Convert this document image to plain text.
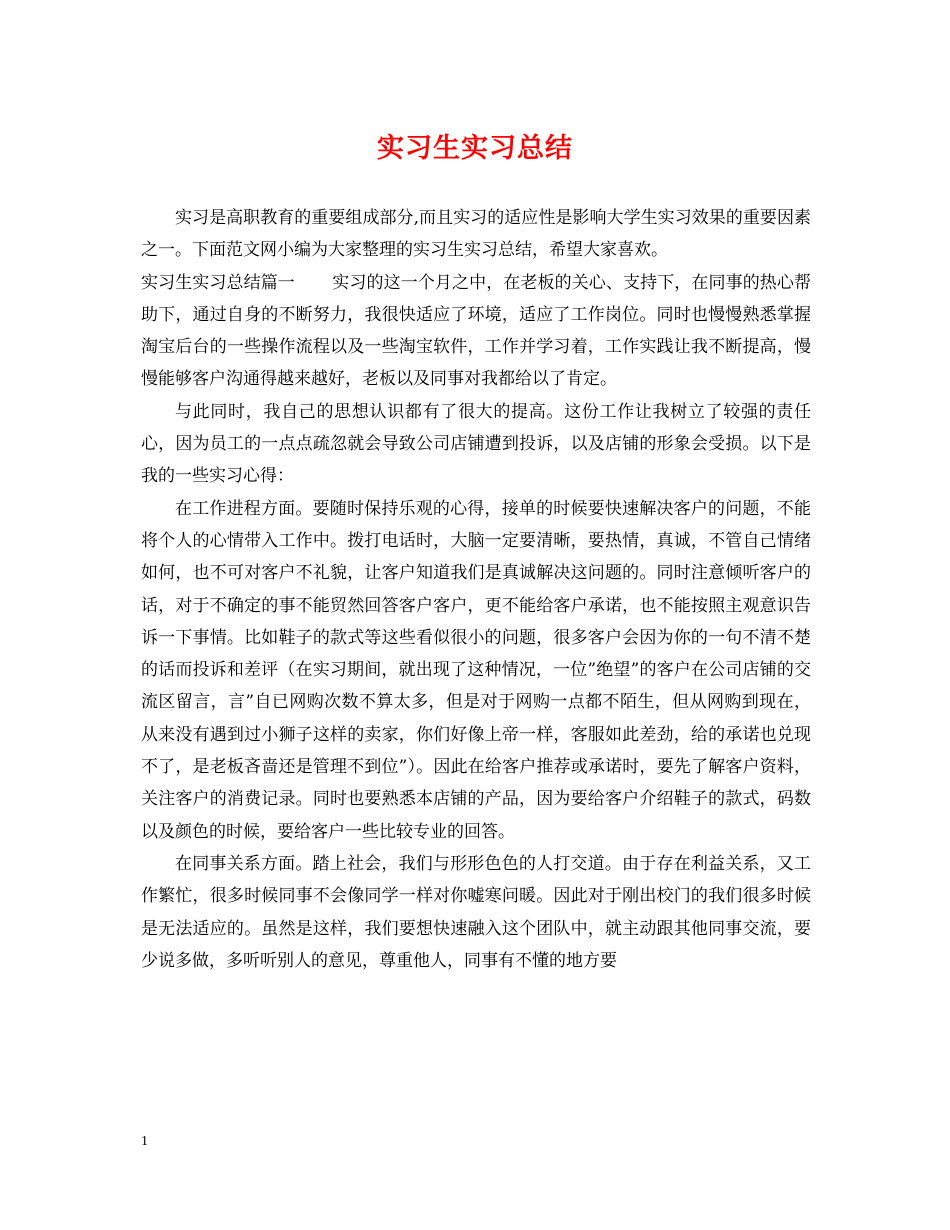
实习生实习总结

实习是高职教育的重要组成部分,而且实习的适应性是影响大学生实习效果的重要因素之一。下面范文网小编为大家整理的实习生实习总结，希望大家喜欢。

实习生实习总结篇一 实习的这一个月之中，在老板的关心、支持下，在同事的热心帮助下，通过自身的不断努力，我很快适应了环境，适应了工作岗位。同时也慢慢熟悉掌握淘宝后台的一些操作流程以及一些淘宝软件，工作并学习着，工作实践让我不断提高，慢慢能够客户沟通得越来越好，老板以及同事对我都给以了肯定。

与此同时，我自己的思想认识都有了很大的提高。这份工作让我树立了较强的责任心，因为员工的一点点疏忽就会导致公司店铺遭到投诉，以及店铺的形象会受损。以下是我的一些实习心得：

在工作进程方面。要随时保持乐观的心得，接单的时候要快速解决客户的问题，不能将个人的心情带入工作中。拨打电话时，大脑一定要清晰，要热情，真诚，不管自己情绪如何，也不可对客户不礼貌，让客户知道我们是真诚解决这问题的。同时注意倾听客户的话，对于不确定的事不能贸然回答客户客户，更不能给客户承诺，也不能按照主观意识告诉一下事情。比如鞋子的款式等这些看似很小的问题，很多客户会因为你的一句不清不楚的话而投诉和差评（在实习期间，就出现了这种情况，一位”绝望”的客户在公司店铺的交流区留言，言”自已网购次数不算太多，但是对于网购一点都不陌生，但从网购到现在，从来没有遇到过小狮子这样的卖家，你们好像上帝一样，客服如此差劲，给的承诺也兑现不了，是老板吝啬还是管理不到位”）。因此在给客户推荐或承诺时，要先了解客户资料，关注客户的消费记录。同时也要熟悉本店铺的产品，因为要给客户介绍鞋子的款式，码数以及颜色的时候，要给客户一些比较专业的回答。

在同事关系方面。踏上社会，我们与形形色色的人打交道。由于存在利益关系，又工作繁忙，很多时候同事不会像同学一样对你嘘寒问暖。因此对于刚出校门的我们很多时候是无法适应的。虽然是这样，我们要想快速融入这个团队中，就主动跟其他同事交流，要少说多做，多听听别人的意见，尊重他人，同事有不懂的地方要

1
